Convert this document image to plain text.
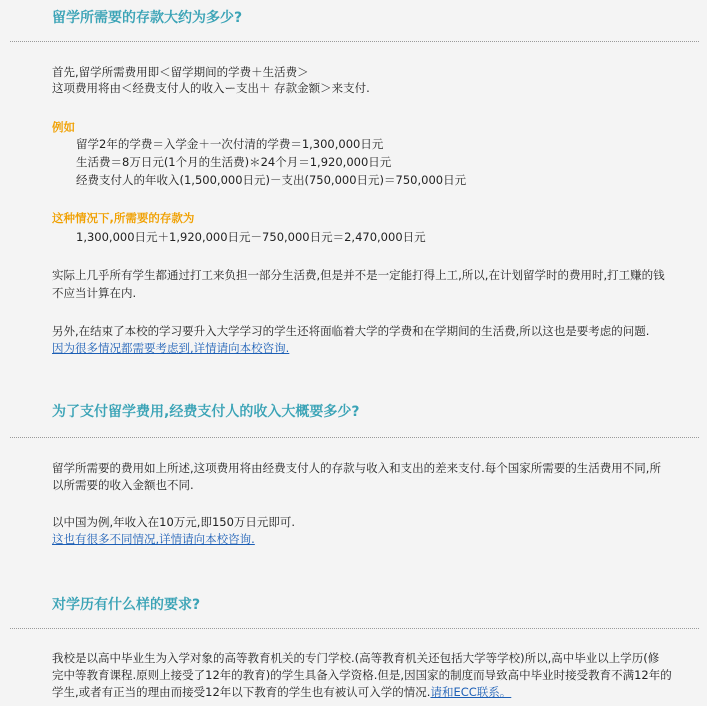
留学所需要的存款大约为多少?
首先,留学所需费用即＜留学期间的学费＋生活费＞
这项费用将由＜经费支付人的收入ー支出＋ 存款金额＞来支付.
例如
留学2年的学费＝入学金＋一次付清的学费＝1,300,000日元
生活费＝8万日元(1个月的生活费)＊24个月＝1,920,000日元
经费支付人的年收入(1,500,000日元)－支出(750,000日元)＝750,000日元
这种情况下,所需要的存款为
1,300,000日元＋1,920,000日元－750,000日元＝2,470,000日元
实际上几乎所有学生都通过打工来负担一部分生活费,但是并不是一定能打得上工,所以,在计划留学时的费用时,打工赚的钱
不应当计算在内.
另外,在结束了本校的学习要升入大学学习的学生还将面临着大学的学费和在学期间的生活费,所以这也是要考虑的问题.
因为很多情况都需要考虑到,详情请向本校咨询.
为了支付留学费用,经费支付人的收入大概要多少?
留学所需要的费用如上所述,这项费用将由经费支付人的存款与收入和支出的差来支付.每个国家所需要的生活费用不同,所
以所需要的收入金额也不同.
以中国为例,年收入在10万元,即150万日元即可.
这也有很多不同情况,详情请向本校咨询.
对学历有什么样的要求?
我校是以高中毕业生为入学对象的高等教育机关的专门学校.(高等教育机关还包括大学等学校)所以,高中毕业以上学历(修
完中等教育课程.原则上接受了12年的教育)的学生具备入学资格.但是,因国家的制度而导致高中毕业时接受教育不满12年的
学生,或者有正当的理由而接受12年以下教育的学生也有被认可入学的情况.请和ECC联系。
